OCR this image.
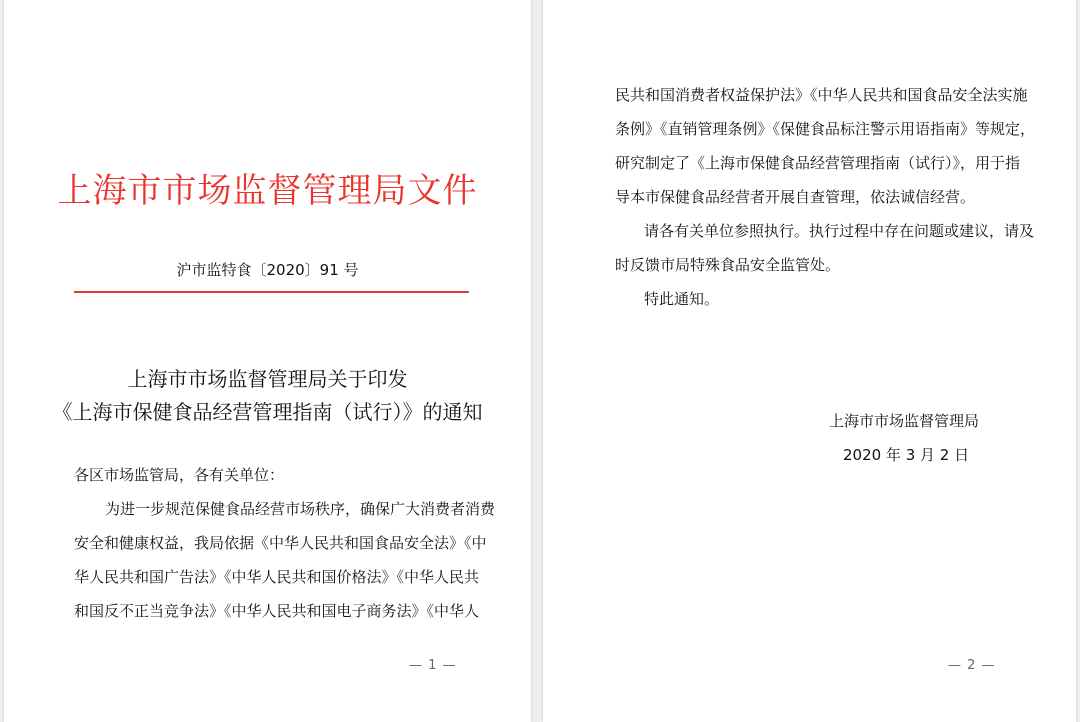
上海市市场监督管理局文件
沪市监特食〔2020〕91 号
上海市市场监督管理局关于印发
《上海市保健食品经营管理指南（试行）》的通知
各区市场监管局，各有关单位：
为进一步规范保健食品经营市场秩序，确保广大消费者消费
安全和健康权益，我局依据《中华人民共和国食品安全法》《中
华人民共和国广告法》《中华人民共和国价格法》《中华人民共
和国反不正当竞争法》《中华人民共和国电子商务法》《中华人
— 1 —
民共和国消费者权益保护法》《中华人民共和国食品安全法实施
条例》《直销管理条例》《保健食品标注警示用语指南》等规定，
研究制定了《上海市保健食品经营管理指南（试行）》，用于指
导本市保健食品经营者开展自查管理，依法诚信经营。
请各有关单位参照执行。执行过程中存在问题或建议，请及
时反馈市局特殊食品安全监管处。
特此通知。
上海市市场监督管理局
2020 年 3 月 2 日
— 2 —
